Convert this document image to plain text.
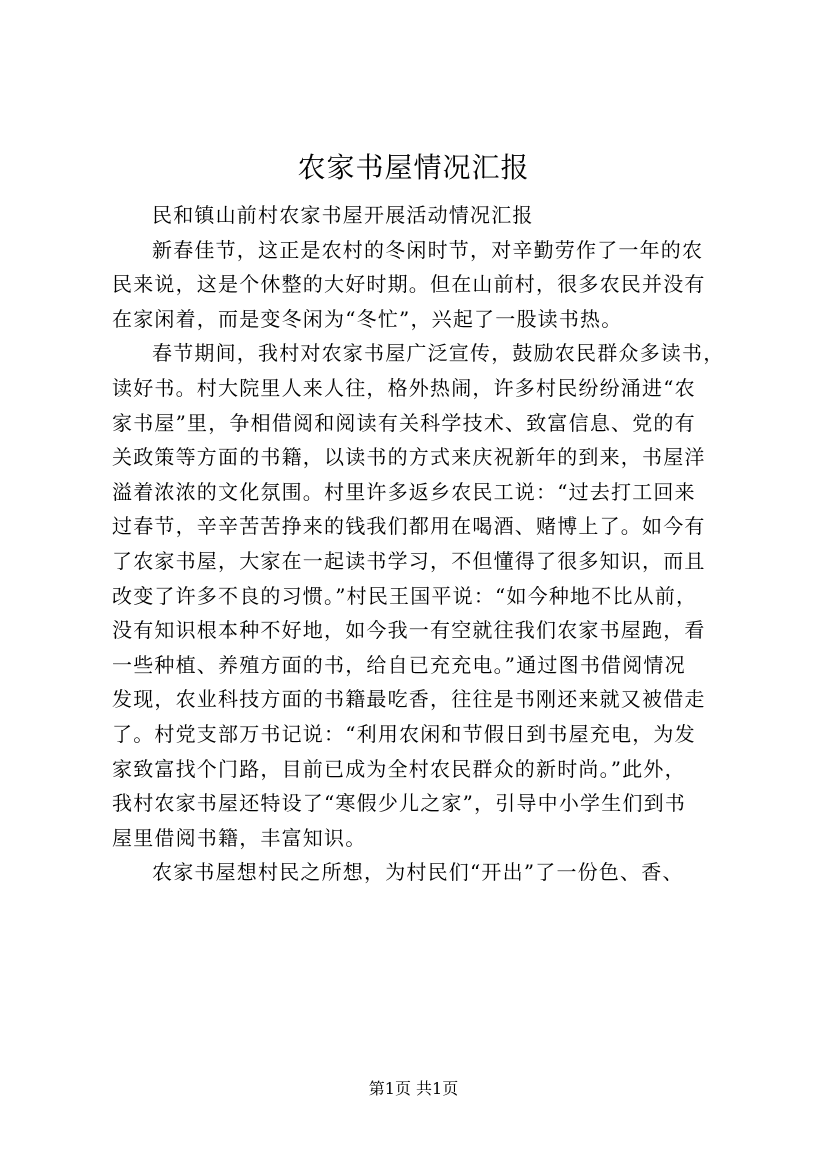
农家书屋情况汇报
民和镇山前村农家书屋开展活动情况汇报
新春佳节，这正是农村的冬闲时节，对辛勤劳作了一年的农
民来说，这是个休整的大好时期。但在山前村，很多农民并没有
在家闲着，而是变冬闲为“冬忙”，兴起了一股读书热。
春节期间，我村对农家书屋广泛宣传，鼓励农民群众多读书，
读好书。村大院里人来人往，格外热闹，许多村民纷纷涌进“农
家书屋”里，争相借阅和阅读有关科学技术、致富信息、党的有
关政策等方面的书籍，以读书的方式来庆祝新年的到来，书屋洋
溢着浓浓的文化氛围。村里许多返乡农民工说：“过去打工回来
过春节，辛辛苦苦挣来的钱我们都用在喝酒、赌博上了。如今有
了农家书屋，大家在一起读书学习，不但懂得了很多知识，而且
改变了许多不良的习惯。”村民王国平说：“如今种地不比从前，
没有知识根本种不好地，如今我一有空就往我们农家书屋跑，看
一些种植、养殖方面的书，给自已充充电。”通过图书借阅情况
发现，农业科技方面的书籍最吃香，往往是书刚还来就又被借走
了。村党支部万书记说：“利用农闲和节假日到书屋充电，为发
家致富找个门路，目前已成为全村农民群众的新时尚。”此外，
我村农家书屋还特设了“寒假少儿之家”，引导中小学生们到书
屋里借阅书籍，丰富知识。
农家书屋想村民之所想，为村民们“开出”了一份色、香、
第1页 共1页
